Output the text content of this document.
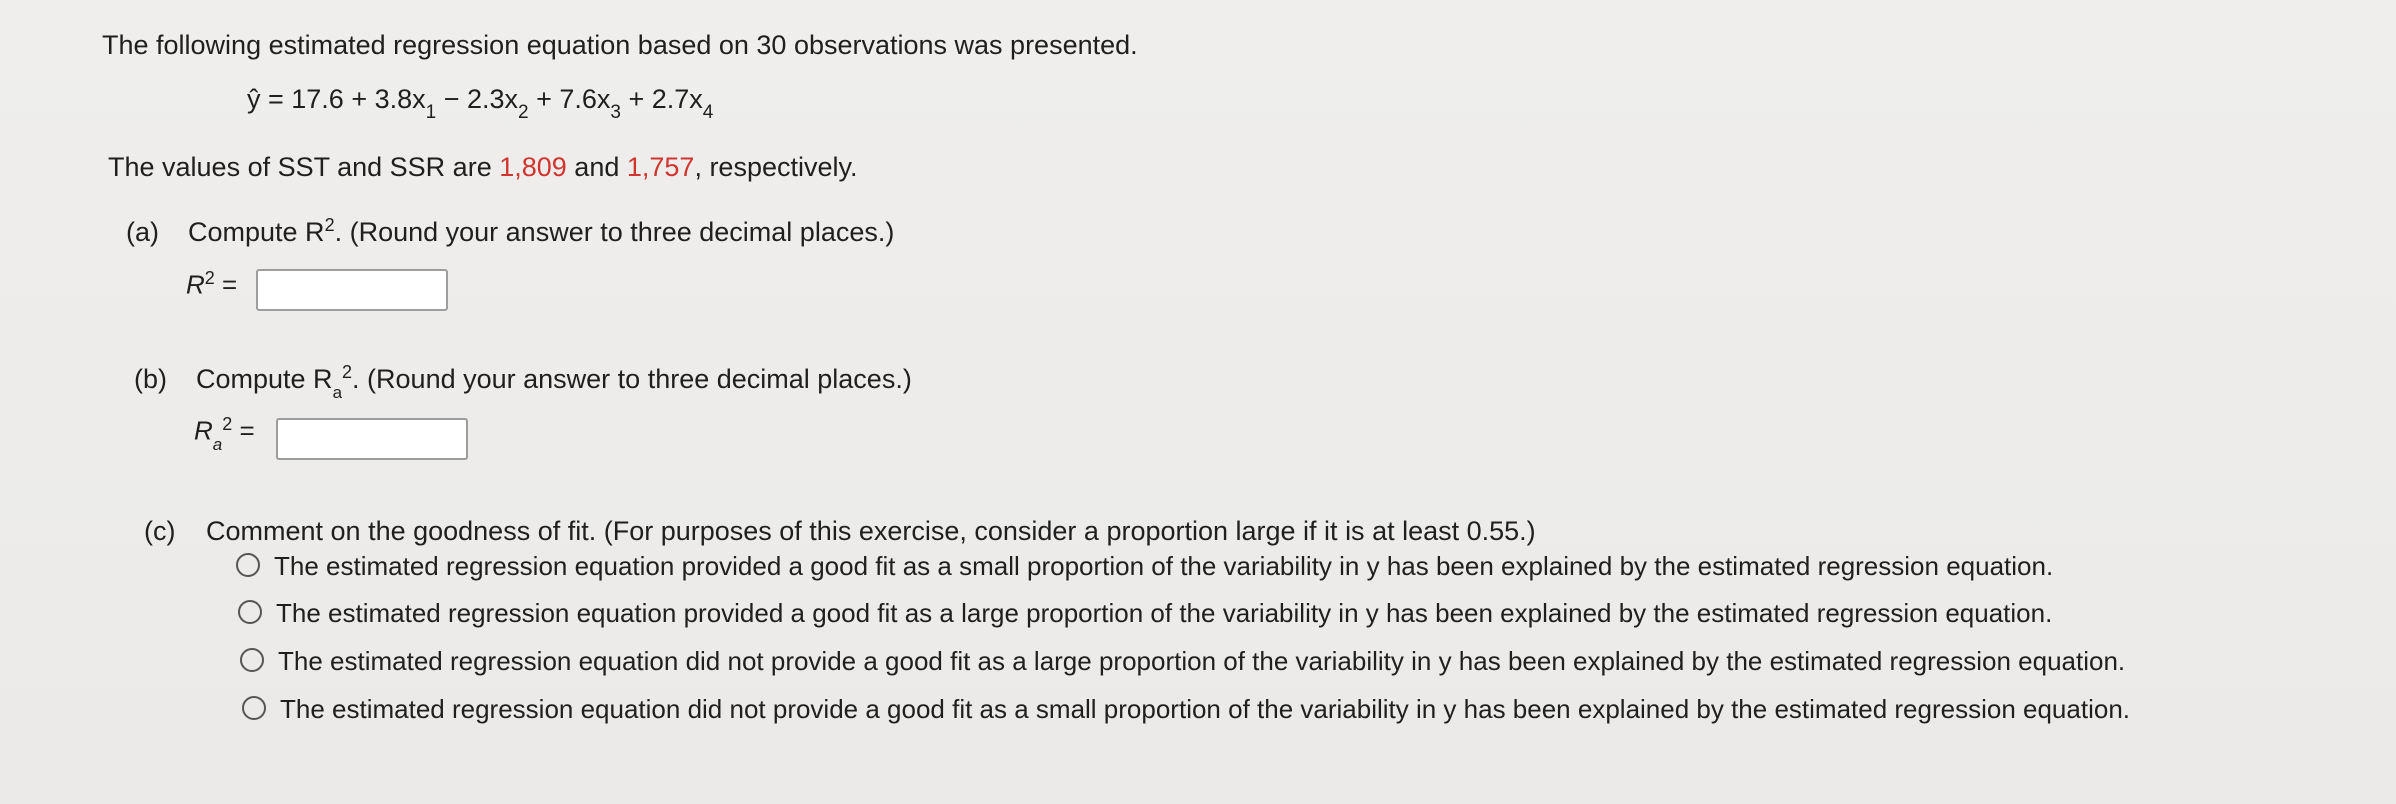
The following estimated regression equation based on 30 observations was presented.
ŷ = $17.6 + 3.8x_1 - 2.3x_2 + 7.6x_3 + 2.7x_4$
The values of SST and SSR are 1,809 and 1,757, respectively.
(a) Compute $R^2$. (Round your answer to three decimal places.)
$R^2$ =
(b) Compute $R_a^2$. (Round your answer to three decimal places.)
$R_a^2$ =
(c) Comment on the goodness of fit. (For purposes of this exercise, consider a proportion large if it is at least 0.55.)
The estimated regression equation provided a good fit as a small proportion of the variability in y has been explained by the estimated regression equation.
The estimated regression equation provided a good fit as a large proportion of the variability in y has been explained by the estimated regression equation.
The estimated regression equation did not provide a good fit as a large proportion of the variability in y has been explained by the estimated regression equation.
The estimated regression equation did not provide a good fit as a small proportion of the variability in y has been explained by the estimated regression equation.
